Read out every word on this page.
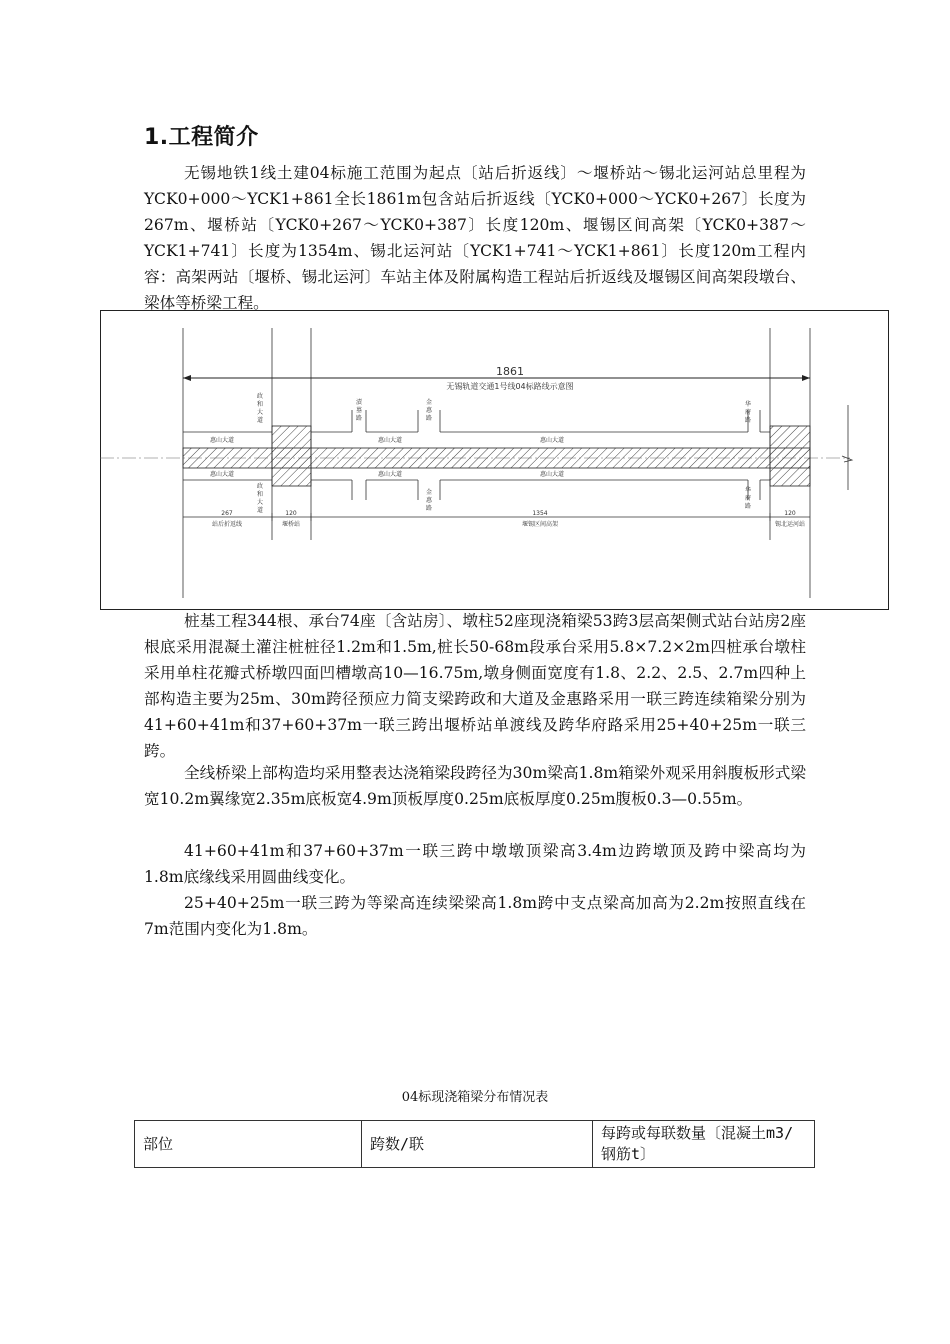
1.工程简介

无锡地铁1线土建04标施工范围为起点〔站后折返线〕～堰桥站～锡北运河站总里程为YCK0+000～YCK1+861全长1861m包含站后折返线〔YCK0+000～YCK0+267〕长度为267m、堰桥站〔YCK0+267～YCK0+387〕长度120m、堰锡区间高架〔YCK0+387～YCK1+741〕长度为1354m、锡北运河站〔YCK1+741～YCK1+861〕长度120m工程内容：高架两站〔堰桥、锡北运河〕车站主体及附属构造工程站后折返线及堰锡区间高架段墩台、梁体等桥梁工程。

1861
无锡轨道交通1号线04标路线示意图
惠山大道	惠山大道	惠山大道
惠山大道	惠山大道	惠山大道
政
和
大
道
政
和
大
道
漬
墓
路
金
惠
路
金
惠
路
华
府
路
华
府
路
267	120	1354	120
站后折返线	堰桥站	堰锡区间高架	锡北运河站

桩基工程344根、承台74座〔含站房〕、墩柱52座现浇箱梁53跨3层高架侧式站台站房2座根底采用混凝土灌注桩桩径1.2m和1.5m,桩长50-68m段承台采用5.8×7.2×2m四桩承台墩柱采用单柱花瓣式桥墩四面凹槽墩高10—16.75m,墩身侧面宽度有1.8、2.2、2.5、2.7m四种上部构造主要为25m、30m跨径预应力简支梁跨政和大道及金惠路采用一联三跨连续箱梁分别为41+60+41m和37+60+37m一联三跨出堰桥站单渡线及跨华府路采用25+40+25m一联三跨。

全线桥梁上部构造均采用整表达浇箱梁段跨径为30m梁高1.8m箱梁外观采用斜腹板形式梁宽10.2m翼缘宽2.35m底板宽4.9m顶板厚度0.25m底板厚度0.25m腹板0.3—0.55m。

41+60+41m和37+60+37m一联三跨中墩墩顶梁高3.4m边跨墩顶及跨中梁高均为1.8m底缘线采用圆曲线变化。

25+40+25m一联三跨为等梁高连续梁梁高1.8m跨中支点梁高加高为2.2m按照直线在7m范围内变化为1.8m。

04标现浇箱梁分布情况表
部位	跨数/联	每跨或每联数量〔混凝土m3/钢筋t〕
